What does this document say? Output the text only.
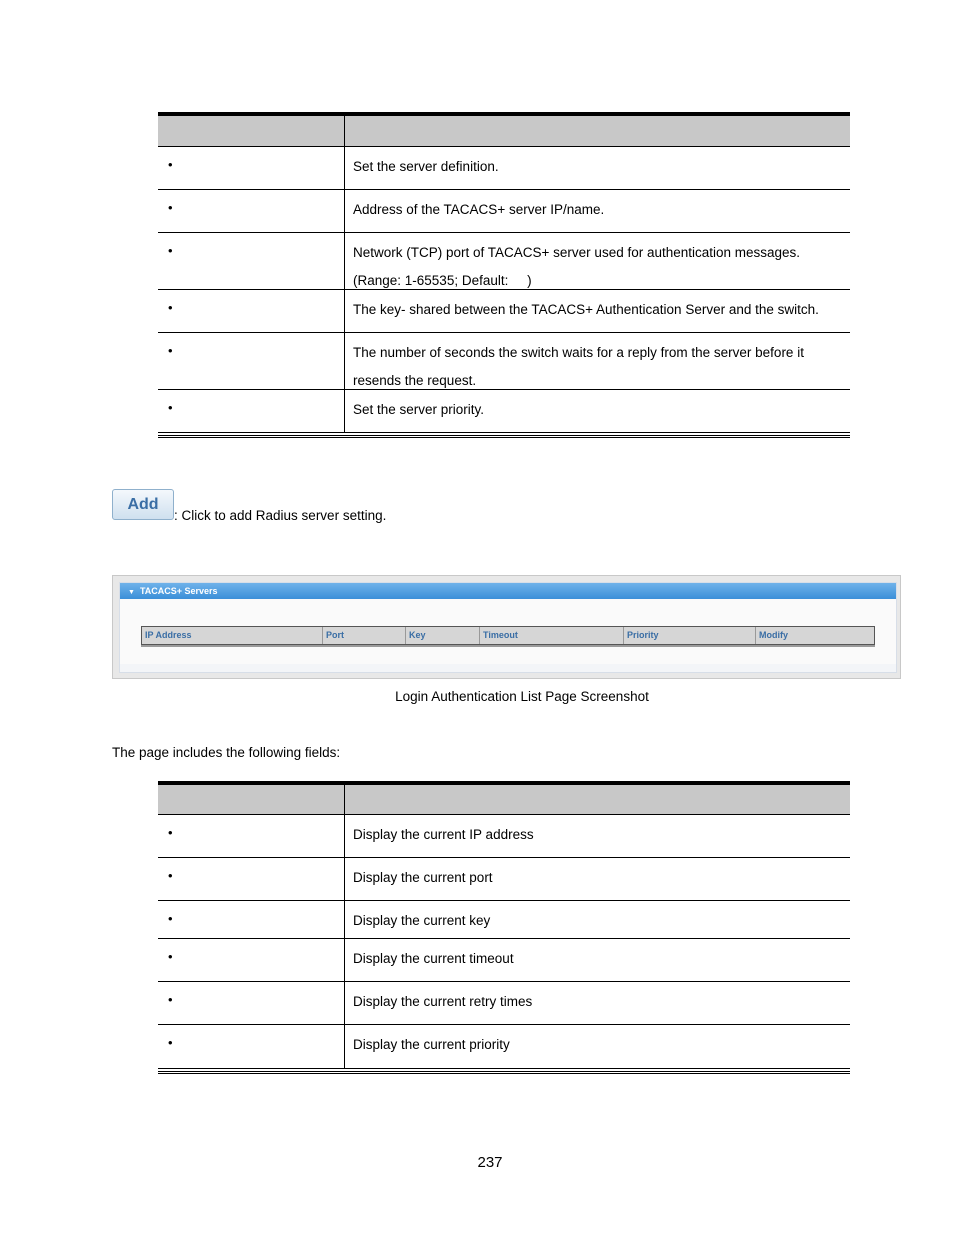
•	Set the server definition.
•	Address of the TACACS+ server IP/name.
•	Network (TCP) port of TACACS+ server used for authentication messages.
(Range: 1-65535; Default:     )
•	The key- shared between the TACACS+ Authentication Server and the switch.
•	The number of seconds the switch waits for a reply from the server before it
resends the request.
•	Set the server priority.
Add
: Click to add Radius server setting.
▼ TACACS+ Servers
IP Address	Port	Key	Timeout	Priority	Modify
Login Authentication List Page Screenshot
The page includes the following fields:
•	Display the current IP address
•	Display the current port
•	Display the current key
•	Display the current timeout
•	Display the current retry times
•	Display the current priority
237
